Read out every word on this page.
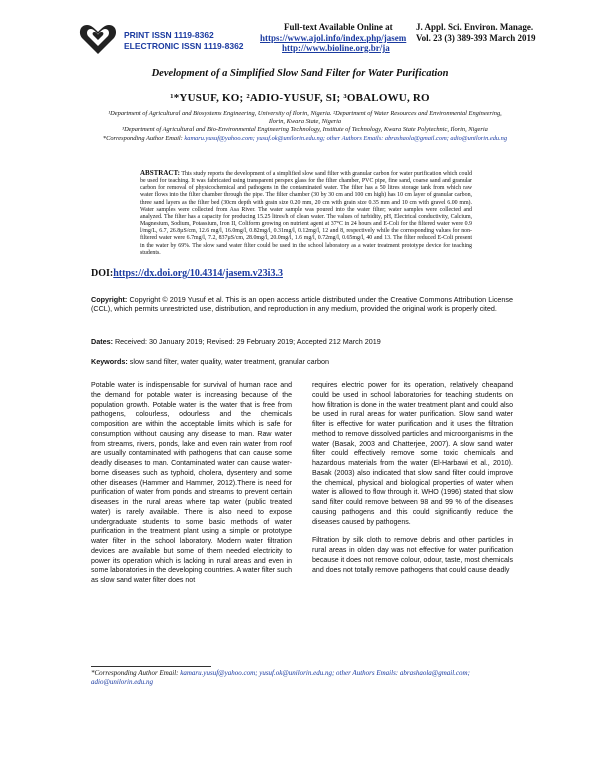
PRINT ISSN 1119-8362
ELECTRONIC ISSN 1119-8362
Full-text Available Online at
https://www.ajol.info/index.php/jasem
http://www.bioline.org.br/ja
J. Appl. Sci. Environ. Manage.
Vol. 23 (3) 389-393 March 2019
Development of a Simplified Slow Sand Filter for Water Purification
¹*YUSUF, KO; ²ADIO-YUSUF, SI; ³OBALOWU, RO
¹Department of Agricultural and Biosystems Engineering, University of Ilorin, Nigeria. ²Department of Water Resources and Environmental Engineering, Ilorin, Kwara State, Nigeria
³Department of Agricultural and Bio-Environmental Engineering Technology, Institute of Technology, Kwara State Polytechnic, Ilorin, Nigeria
*Corresponding Author Email: kamaru.yusuf@yahoo.com; yusuf.ok@unilorin.edu.ng; other Authors Emails: abrashaola@gmail.com; adio@unilorin.edu.ng
ABSTRACT: This study reports the development of a simplified slow sand filter with granular carbon for water purification which could be used for teaching. It was fabricated using transparent perspex glass for the filter chamber, PVC pipe, fine sand, coarse sand and granular carbon for removal of physicochemical and pathogens in the contaminated water. The filter has a 50 litres storage tank from which raw water flows into the filter chamber through the pipe. The filter chamber (30 by 30 cm and 100 cm high) has 10 cm layer of granular carbon, three sand layers as the filter bed (30cm depth with grain size 0.20 mm, 20 cm with grain size 0.35 mm and 10 cm with gravel 6.00 mm). Water samples were collected from Asa River. The water sample was poured into the water filter; water samples were collected and analyzed. The filter has a capacity for producing 15.25 litres/h of clean water. The values of turbidity, pH, Electrical conductivity, Calcium, Magnesium, Sodium, Potassium, Iron II, Coliform growing on nutrient agent at 37°C in 24 hours and E-Coli for the filtered water were 0.9 l/mg/L, 6.7, 26.8µS/cm, 12.6 mg/l, 16.0mg/l, 0.82mg/l, 0.31mg/l, 0.12mg/l, 12 and 8, respectively while the corresponding values for non-filtered water were 6.7mg/l, 7.2, 837µS/cm, 28.0mg/l, 20.0mg/l, 1.6 mg/l, 0.72mg/l, 0.65mg/l, 40 and 13. The filter reduced E-Coli present in the water by 69%. The slow sand water filter could be used in the school laboratory as a water treatment prototype device for teaching students.
DOI:https://dx.doi.org/10.4314/jasem.v23i3.3
Copyright: Copyright © 2019 Yusuf et al. This is an open access article distributed under the Creative Commons Attribution License (CCL), which permits unrestricted use, distribution, and reproduction in any medium, provided the original work is properly cited.
Dates: Received: 30 January 2019; Revised: 29 February 2019; Accepted 212 March 2019
Keywords: slow sand filter, water quality, water treatment, granular carbon

Potable water is indispensable for survival of human race and the demand for potable water is increasing because of the population growth. Potable water is the water that is free from pathogens, colourless, odourless and the chemicals composition are within the acceptable limits which is safe for consumption without causing any disease to man. Raw water from streams, rivers, ponds, lake and even rain water from roof are usually contaminated with pathogens that can cause some deadly diseases to man. Contaminated water can cause water-borne diseases such as typhoid, cholera, dysentery and some other diseases (Hammer and Hammer, 2012).There is need for purification of water from ponds and streams to prevent certain diseases in the rural areas where tap water (public treated water) is rarely available. There is also need to expose undergraduate students to some basic methods of water purification in the treatment plant using a simple or prototype water filter in the school laboratory. Modern water filtration devices are available but some of them needed electricity to power its operation which is lacking in rural areas and even in some laboratories in the developing countries. A water filter such as slow sand water filter does not

requires electric power for its operation, relatively cheapand could be used in school laboratories for teaching students on how filtration is done in the water treatment plant and could also be used in rural areas for water purification. Slow sand water filter is effective for water purification and it uses the filtration method to remove dissolved particles and microorganisms in the water (Basak, 2003 and Chatterjee, 2007). A slow sand water filter could effectively remove some toxic chemicals and hazardous materials from the water (El-Harbawi et al., 2010). Basak (2003) also indicated that slow sand filter could improve the chemical, physical and biological properties of water when water is allowed to flow through it. WHO (1996) stated that slow sand filter could remove between 98 and 99 % of the diseases causing pathogens and this could significantly reduce the diseases caused by pathogens.

Filtration by silk cloth to remove debris and other particles in rural areas in olden day was not effective for water purification because it does not remove colour, odour, taste, most chemicals and does not totally remove pathogens that could cause deadly

*Corresponding Author Email: kamaru.yusuf@yahoo.com; yusuf.ok@unilorin.edu.ng; other Authors Emails: abrashaola@gmail.com; adio@unilorin.edu.ng
